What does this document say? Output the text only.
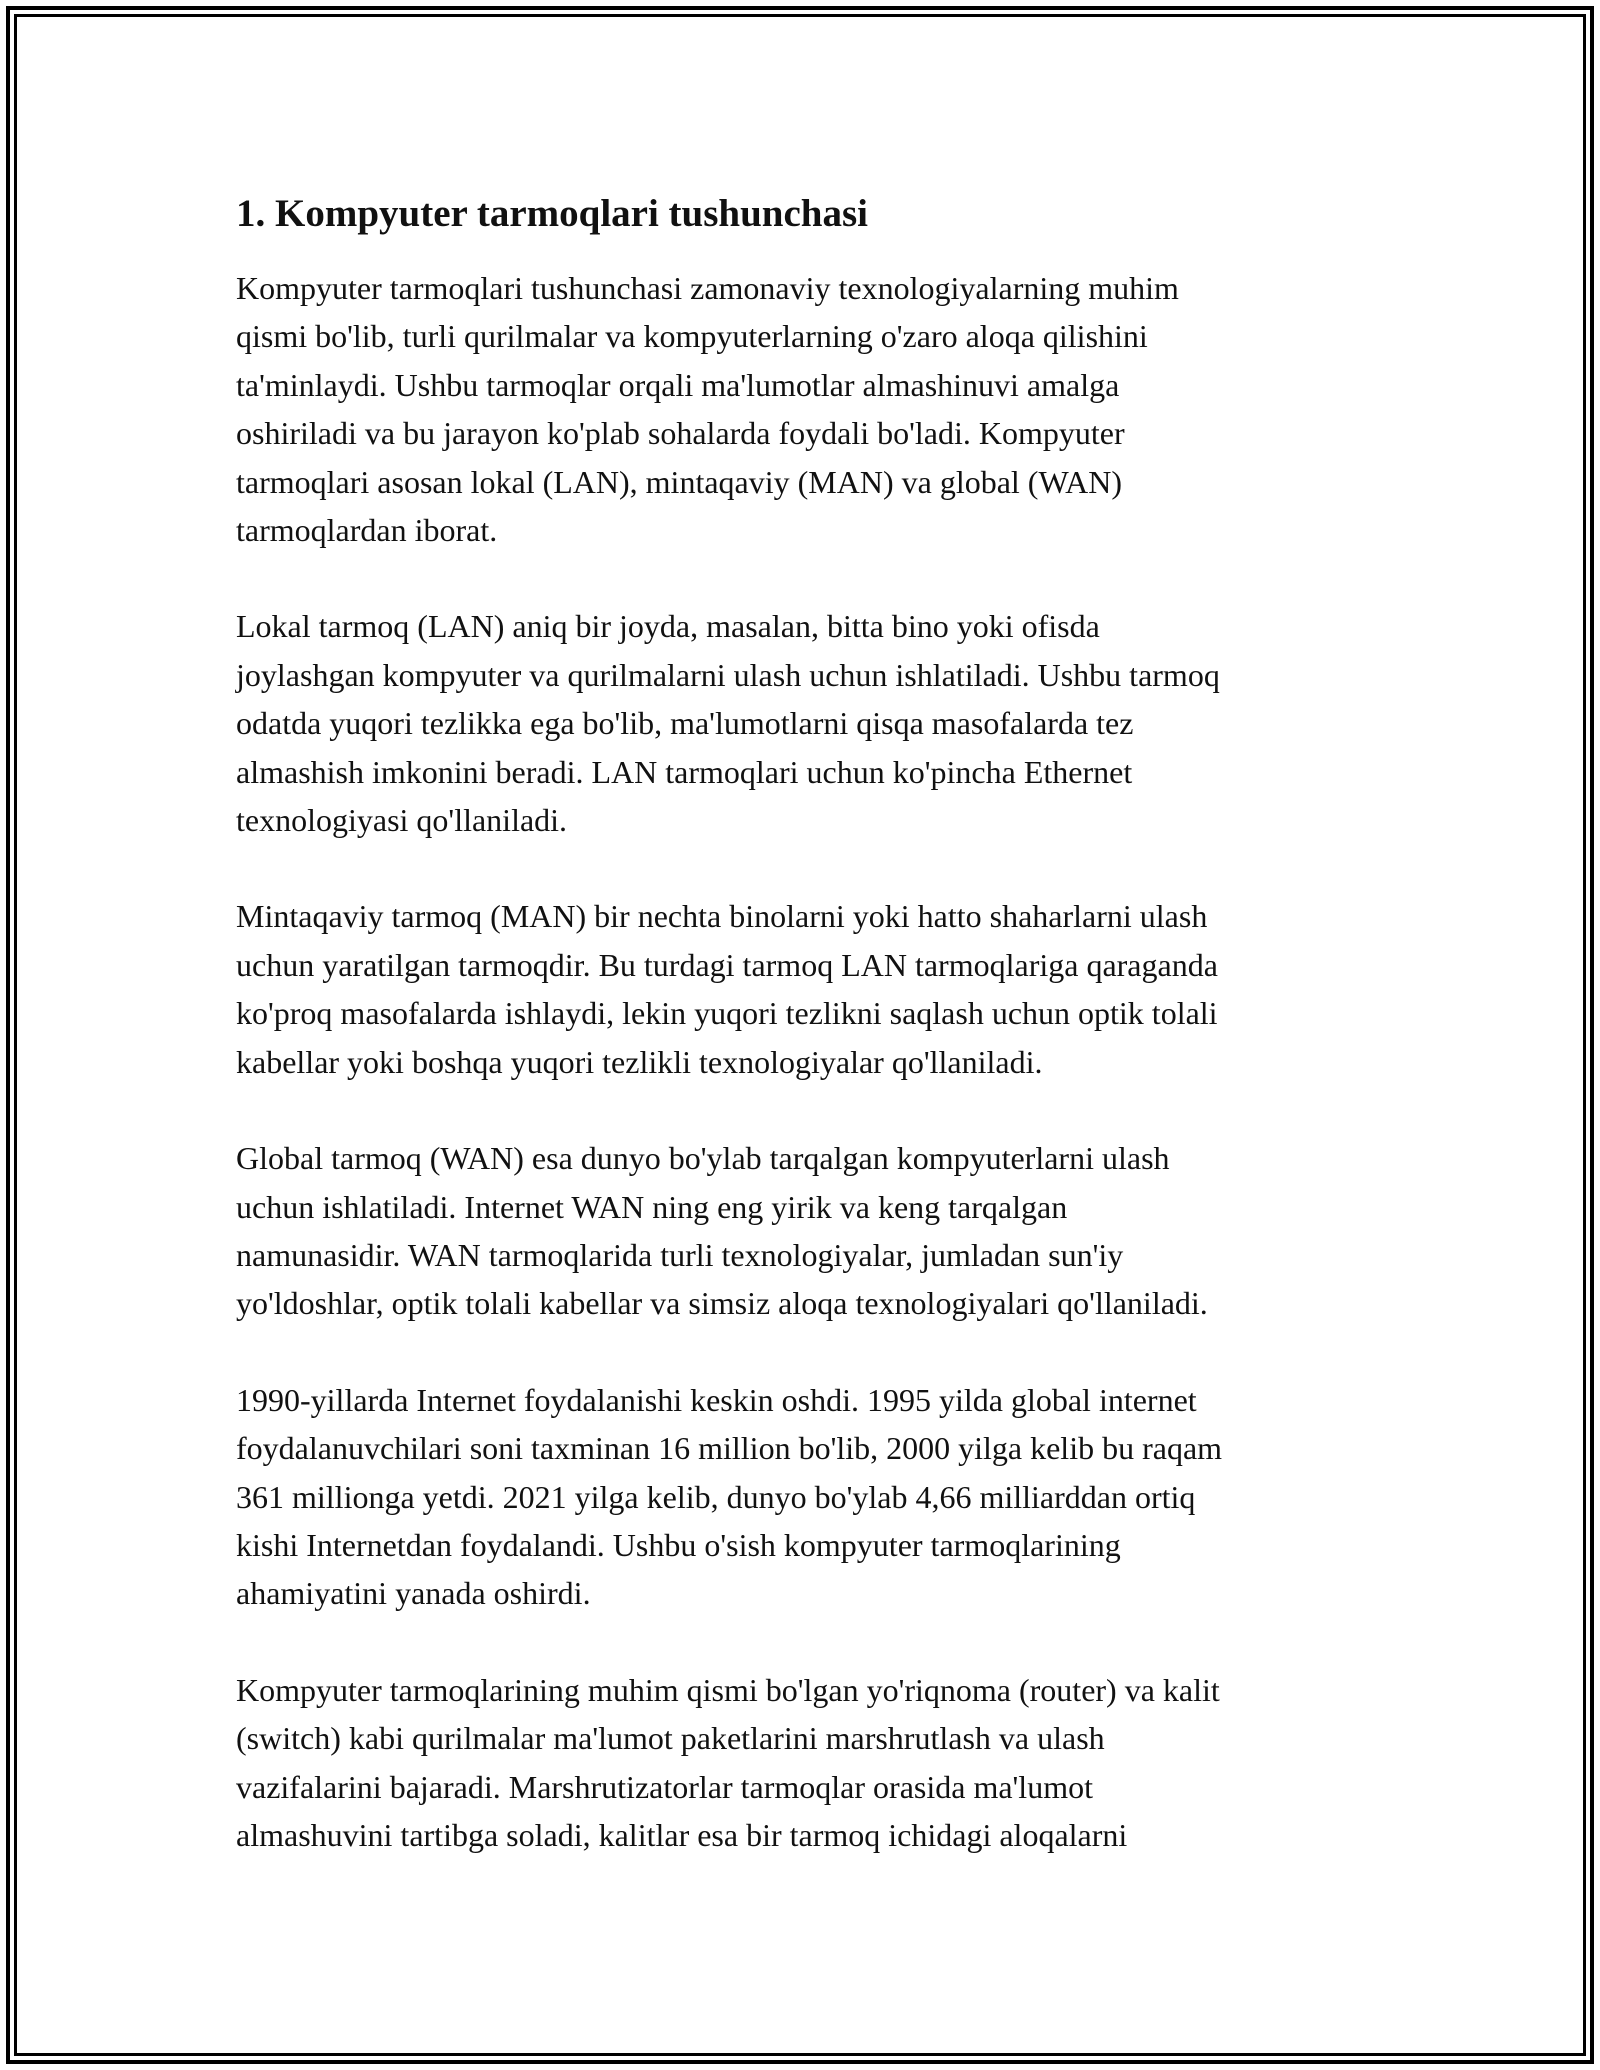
1. Kompyuter tarmoqlari tushunchasi

Kompyuter tarmoqlari tushunchasi zamonaviy texnologiyalarning muhim
qismi bo'lib, turli qurilmalar va kompyuterlarning o'zaro aloqa qilishini
ta'minlaydi. Ushbu tarmoqlar orqali ma'lumotlar almashinuvi amalga
oshiriladi va bu jarayon ko'plab sohalarda foydali bo'ladi. Kompyuter
tarmoqlari asosan lokal (LAN), mintaqaviy (MAN) va global (WAN)
tarmoqlardan iborat.

Lokal tarmoq (LAN) aniq bir joyda, masalan, bitta bino yoki ofisda
joylashgan kompyuter va qurilmalarni ulash uchun ishlatiladi. Ushbu tarmoq
odatda yuqori tezlikka ega bo'lib, ma'lumotlarni qisqa masofalarda tez
almashish imkonini beradi. LAN tarmoqlari uchun ko'pincha Ethernet
texnologiyasi qo'llaniladi.

Mintaqaviy tarmoq (MAN) bir nechta binolarni yoki hatto shaharlarni ulash
uchun yaratilgan tarmoqdir. Bu turdagi tarmoq LAN tarmoqlariga qaraganda
ko'proq masofalarda ishlaydi, lekin yuqori tezlikni saqlash uchun optik tolali
kabellar yoki boshqa yuqori tezlikli texnologiyalar qo'llaniladi.

Global tarmoq (WAN) esa dunyo bo'ylab tarqalgan kompyuterlarni ulash
uchun ishlatiladi. Internet WAN ning eng yirik va keng tarqalgan
namunasidir. WAN tarmoqlarida turli texnologiyalar, jumladan sun'iy
yo'ldoshlar, optik tolali kabellar va simsiz aloqa texnologiyalari qo'llaniladi.

1990-yillarda Internet foydalanishi keskin oshdi. 1995 yilda global internet
foydalanuvchilari soni taxminan 16 million bo'lib, 2000 yilga kelib bu raqam
361 millionga yetdi. 2021 yilga kelib, dunyo bo'ylab 4,66 milliarddan ortiq
kishi Internetdan foydalandi. Ushbu o'sish kompyuter tarmoqlarining
ahamiyatini yanada oshirdi.

Kompyuter tarmoqlarining muhim qismi bo'lgan yo'riqnoma (router) va kalit
(switch) kabi qurilmalar ma'lumot paketlarini marshrutlash va ulash
vazifalarini bajaradi. Marshrutizatorlar tarmoqlar orasida ma'lumot
almashuvini tartibga soladi, kalitlar esa bir tarmoq ichidagi aloqalarni
